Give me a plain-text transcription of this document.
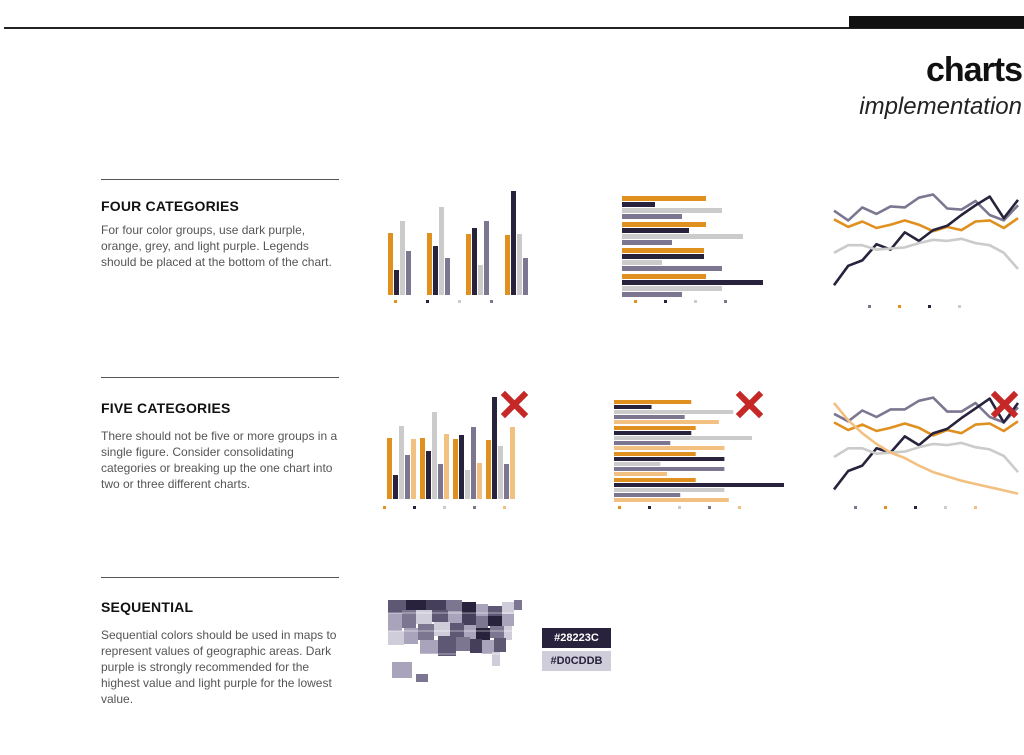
charts
implementation
FOUR CATEGORIES
For four color groups, use dark purple, orange, grey, and light purple. Legends should be placed at the bottom of the chart.
FIVE CATEGORIES
There should not be five or more groups in a single figure. Consider consolidating categories or breaking up the one chart into two or three different charts.
SEQUENTIAL
Sequential colors should be used in maps to represent values of geographic areas. Dark purple is strongly recommended for the highest value and light purple for the lowest value.
#28223C
#D0CDDB
